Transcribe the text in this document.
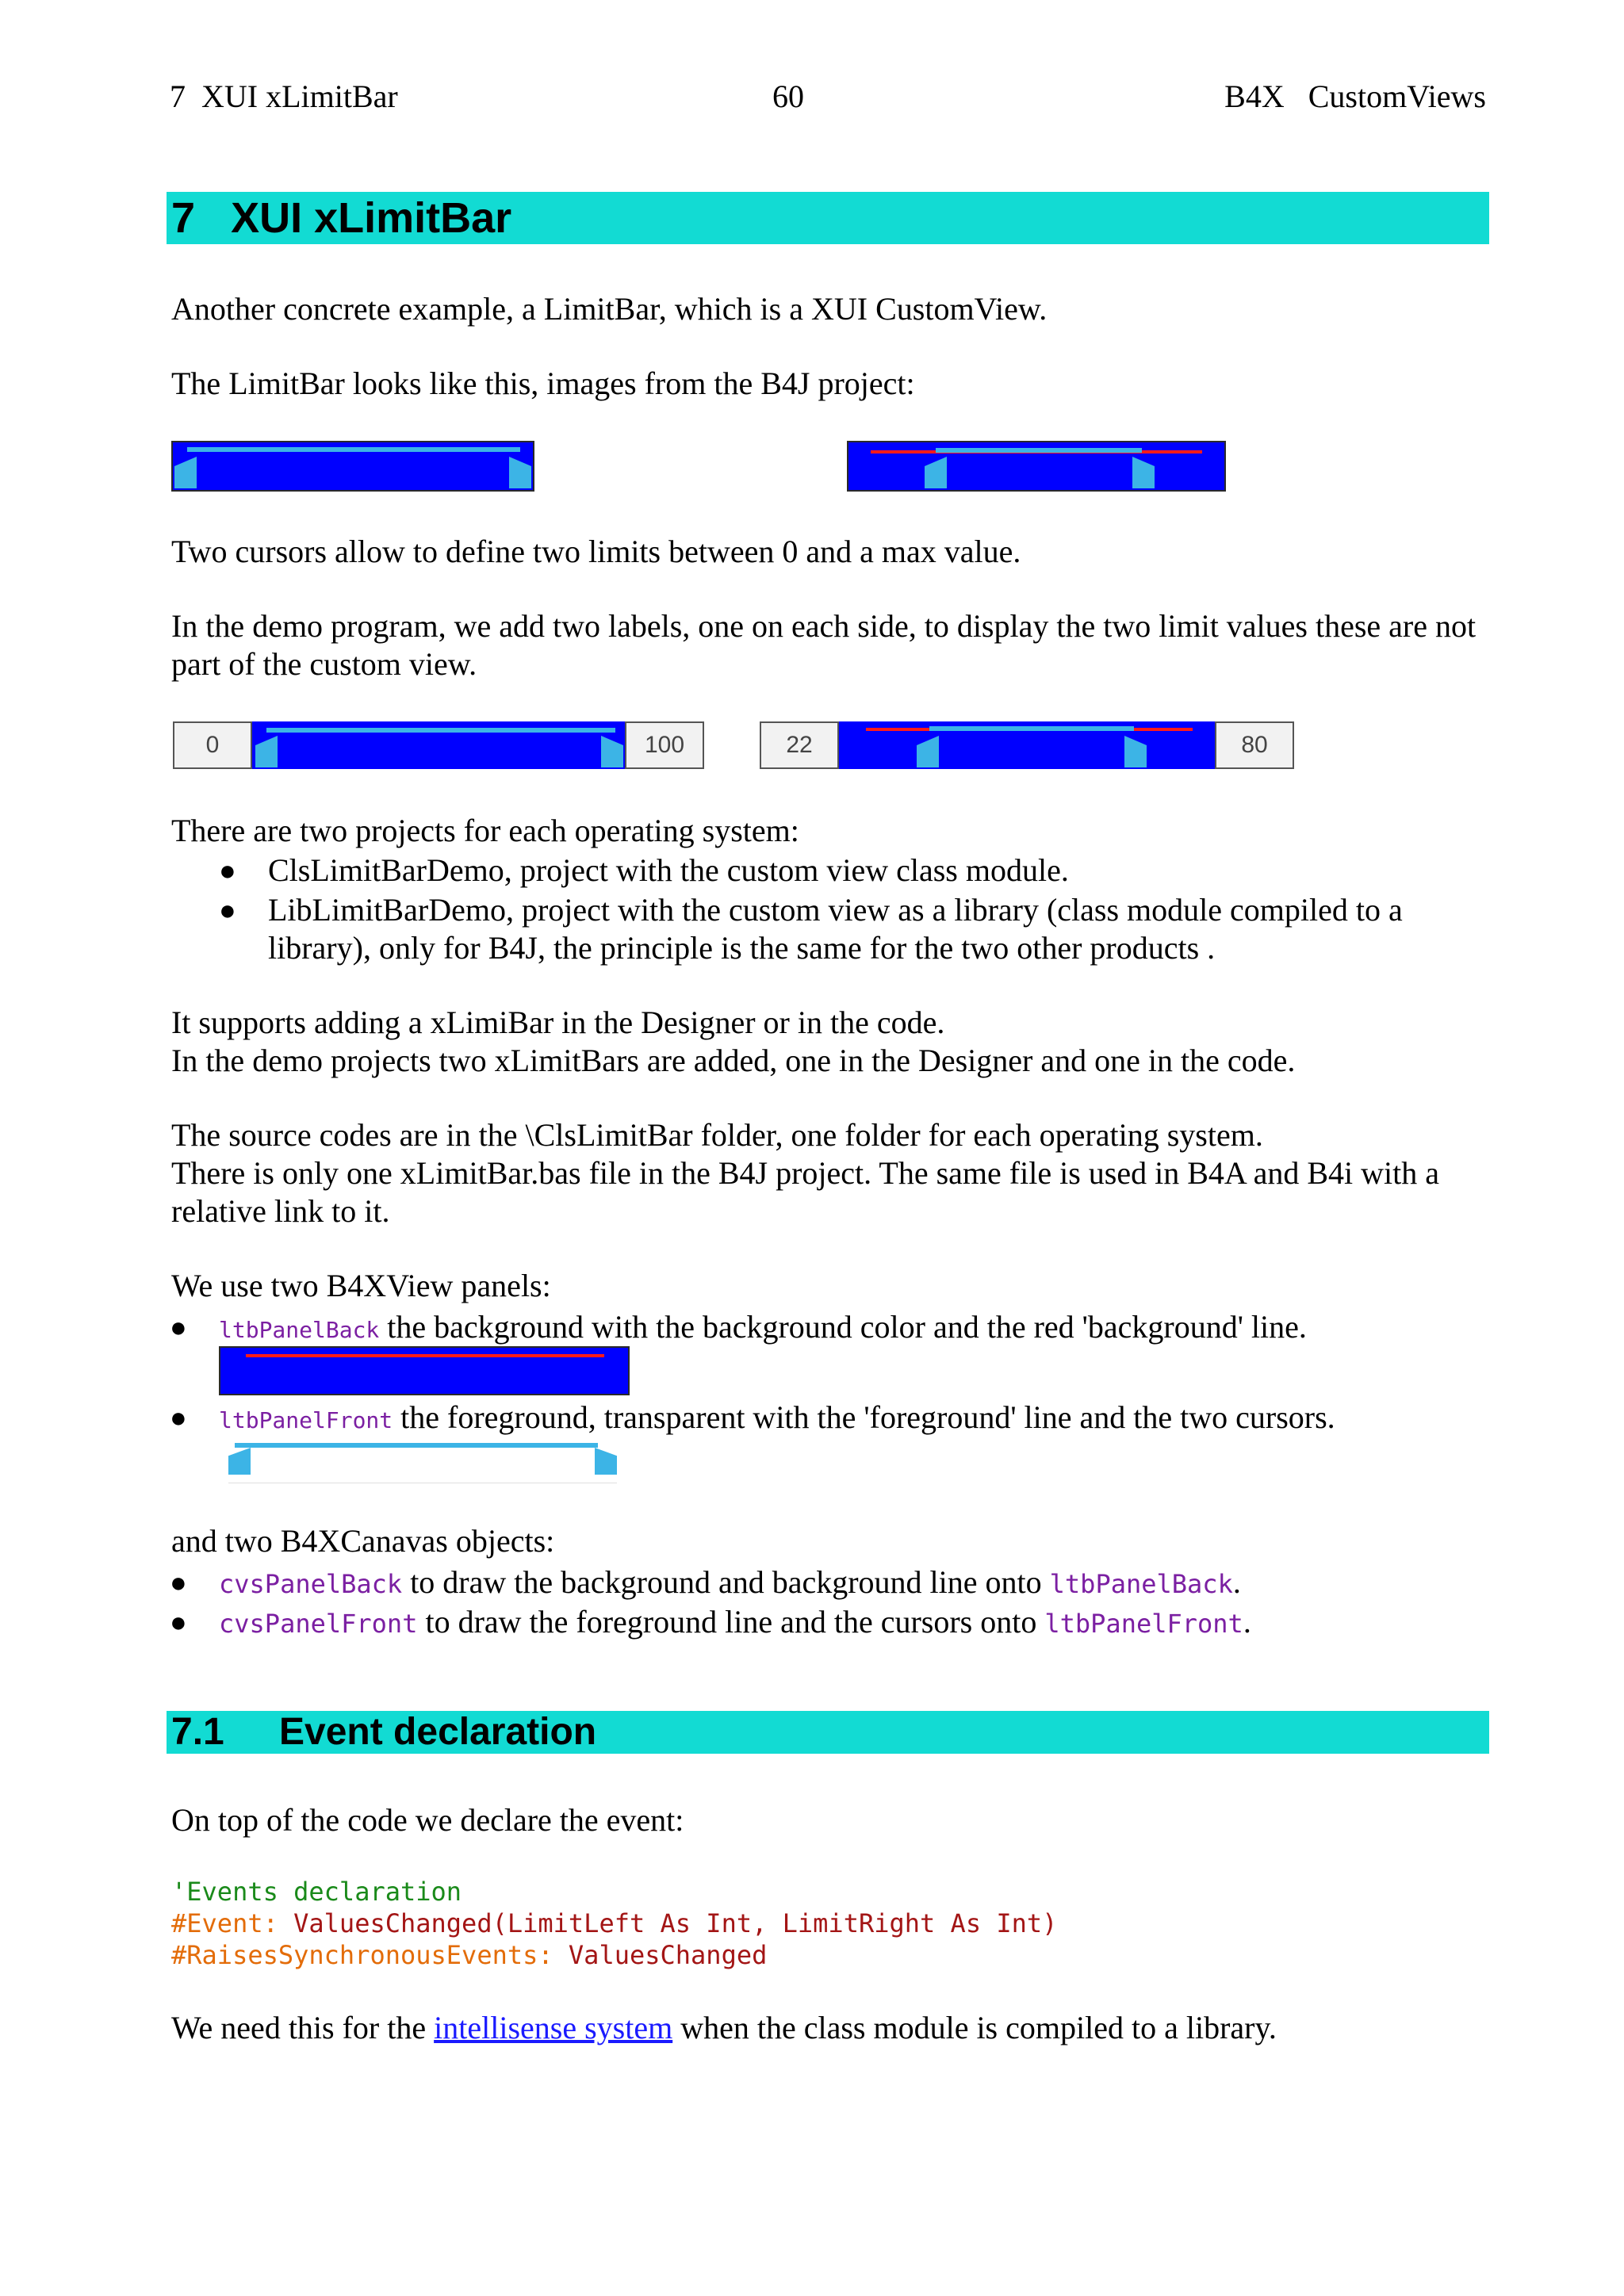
7  XUI xLimitBar	60	B4X   CustomViews
7 XUI xLimitBar
Another concrete example, a LimitBar, which is a XUI CustomView.
The LimitBar looks like this, images from the B4J project:
Two cursors allow to define two limits between 0 and a max value.
In the demo program, we add two labels, one on each side, to display the two limit values these are not part of the custom view.
0	100	22	80
There are two projects for each operating system:
● ClsLimitBarDemo, project with the custom view class module.
● LibLimitBarDemo, project with the custom view as a library (class module compiled to a library), only for B4J, the principle is the same for the two other products .
It supports adding a xLimiBar in the Designer or in the code.
In the demo projects two xLimitBars are added, one in the Designer and one in the code.
The source codes are in the \ClsLimitBar folder, one folder for each operating system.
There is only one xLimitBar.bas file in the B4J project. The same file is used in B4A and B4i with a relative link to it.
We use two B4XView panels:
● ltbPanelBack the background with the background color and the red 'background' line.
● ltbPanelFront the foreground, transparent with the 'foreground' line and the two cursors.
and two B4XCanavas objects:
● cvsPanelBack to draw the background and background line onto ltbPanelBack.
● cvsPanelFront to draw the foreground line and the cursors onto ltbPanelFront.
7.1 Event declaration
On top of the code we declare the event:
'Events declaration
#Event: ValuesChanged(LimitLeft As Int, LimitRight As Int)
#RaisesSynchronousEvents: ValuesChanged
We need this for the intellisense system when the class module is compiled to a library.
